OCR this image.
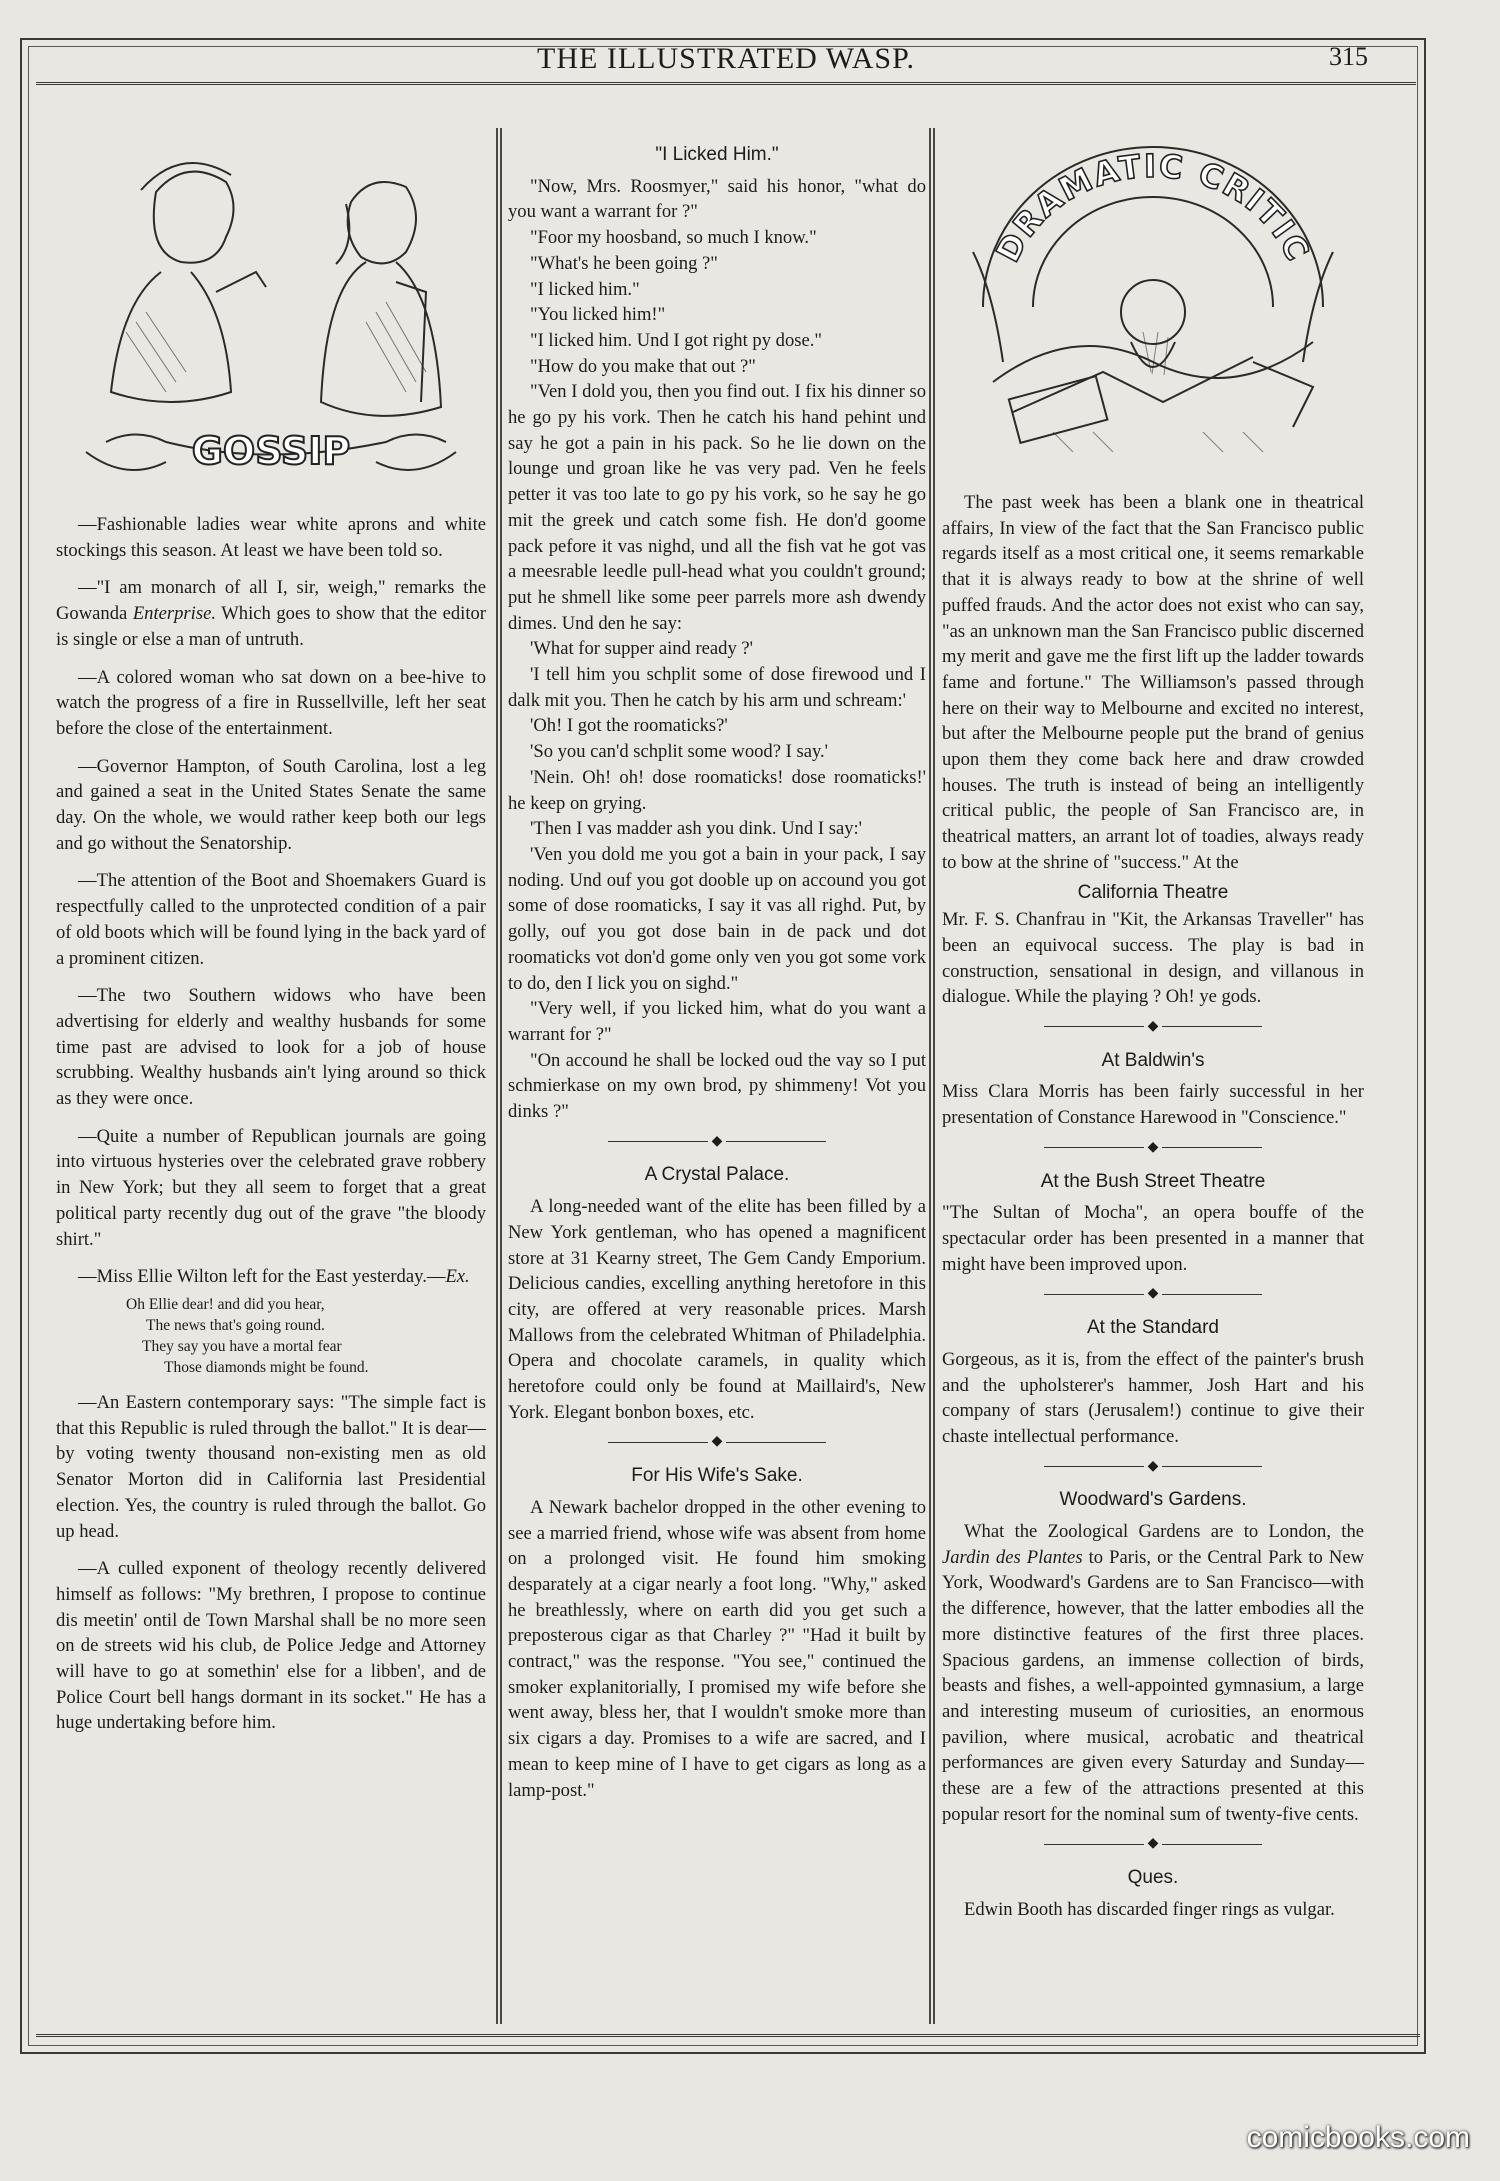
THE ILLUSTRATED WASP.	315
GOSSIP

—Fashionable ladies wear white aprons and white stockings this season. At least we have been told so.

—"I am monarch of all I, sir, weigh," remarks the Gowanda Enterprise. Which goes to show that the editor is single or else a man of untruth.

—A colored woman who sat down on a bee-hive to watch the progress of a fire in Russellville, left her seat before the close of the entertainment.

—Governor Hampton, of South Carolina, lost a leg and gained a seat in the United States Senate the same day. On the whole, we would rather keep both our legs and go without the Senatorship.

—The attention of the Boot and Shoemakers Guard is respectfully called to the unprotected condition of a pair of old boots which will be found lying in the back yard of a prominent citizen.

—The two Southern widows who have been advertising for elderly and wealthy husbands for some time past are advised to look for a job of house scrubbing. Wealthy husbands ain't lying around so thick as they were once.

—Quite a number of Republican journals are going into virtuous hysteries over the celebrated grave robbery in New York; but they all seem to forget that a great political party recently dug out of the grave "the bloody shirt."

—Miss Ellie Wilton left for the East yesterday.—Ex.

Oh Ellie dear! and did you hear,
The news that's going round.
They say you have a mortal fear
Those diamonds might be found.

—An Eastern contemporary says: "The simple fact is that this Republic is ruled through the ballot." It is dear—by voting twenty thousand non-existing men as old Senator Morton did in California last Presidential election. Yes, the country is ruled through the ballot. Go up head.

—A culled exponent of theology recently delivered himself as follows: "My brethren, I propose to continue dis meetin' ontil de Town Marshal shall be no more seen on de streets wid his club, de Police Jedge and Attorney will have to go at somethin' else for a libben', and de Police Court bell hangs dormant in its socket." He has a huge undertaking before him.

"I Licked Him."

"Now, Mrs. Roosmyer," said his honor, "what do you want a warrant for ?"

"Foor my hoosband, so much I know."

"What's he been going ?"

"I licked him."

"You licked him!"

"I licked him. Und I got right py dose."

"How do you make that out ?"

"Ven I dold you, then you find out. I fix his dinner so he go py his vork. Then he catch his hand pehint und say he got a pain in his pack. So he lie down on the lounge und groan like he vas very pad. Ven he feels petter it vas too late to go py his vork, so he say he go mit the greek und catch some fish. He don'd goome pack pefore it vas nighd, und all the fish vat he got vas a meesrable leedle pull-head what you couldn't ground; put he shmell like some peer parrels more ash dwendy dimes. Und den he say:

'What for supper aind ready ?'

'I tell him you schplit some of dose firewood und I dalk mit you. Then he catch by his arm und schream:'

'Oh! I got the roomaticks?'

'So you can'd schplit some wood? I say.'

'Nein. Oh! oh! dose roomaticks! dose roomaticks!' he keep on grying.

'Then I vas madder ash you dink. Und I say:'

'Ven you dold me you got a bain in your pack, I say noding. Und ouf you got dooble up on accound you got some of dose roomaticks, I say it vas all righd. Put, by golly, ouf you got dose bain in de pack und dot roomaticks vot don'd gome only ven you got some vork to do, den I lick you on sighd."

"Very well, if you licked him, what do you want a warrant for ?"

"On accound he shall be locked oud the vay so I put schmierkase on my own brod, py shimmeny! Vot you dinks ?"

◆
A Crystal Palace.

A long-needed want of the elite has been filled by a New York gentleman, who has opened a magnificent store at 31 Kearny street, The Gem Candy Emporium. Delicious candies, excelling anything heretofore in this city, are offered at very reasonable prices. Marsh Mallows from the celebrated Whitman of Philadelphia. Opera and chocolate caramels, in quality which heretofore could only be found at Maillaird's, New York. Elegant bonbon boxes, etc.

◆
For His Wife's Sake.

A Newark bachelor dropped in the other evening to see a married friend, whose wife was absent from home on a prolonged visit. He found him smoking desparately at a cigar nearly a foot long. "Why," asked he breathlessly, where on earth did you get such a preposterous cigar as that Charley ?" "Had it built by contract," was the response. "You see," continued the smoker explanitorially, I promised my wife before she went away, bless her, that I wouldn't smoke more than six cigars a day. Promises to a wife are sacred, and I mean to keep mine of I have to get cigars as long as a lamp-post."

DRAMATIC CRITIC

The past week has been a blank one in theatrical affairs, In view of the fact that the San Francisco public regards itself as a most critical one, it seems remarkable that it is always ready to bow at the shrine of well puffed frauds. And the actor does not exist who can say, "as an unknown man the San Francisco public discerned my merit and gave me the first lift up the ladder towards fame and fortune." The Williamson's passed through here on their way to Melbourne and excited no interest, but after the Melbourne people put the brand of genius upon them they come back here and draw crowded houses. The truth is instead of being an intelligently critical public, the people of San Francisco are, in theatrical matters, an arrant lot of toadies, always ready to bow at the shrine of "success." At the

California Theatre

Mr. F. S. Chanfrau in "Kit, the Arkansas Traveller" has been an equivocal success. The play is bad in construction, sensational in design, and villanous in dialogue. While the playing ? Oh! ye gods.

◆
At Baldwin's

Miss Clara Morris has been fairly successful in her presentation of Constance Harewood in "Conscience."

◆
At the Bush Street Theatre

"The Sultan of Mocha", an opera bouffe of the spectacular order has been presented in a manner that might have been improved upon.

◆
At the Standard

Gorgeous, as it is, from the effect of the painter's brush and the upholsterer's hammer, Josh Hart and his company of stars (Jerusalem!) continue to give their chaste intellectual performance.

◆
Woodward's Gardens.

What the Zoological Gardens are to London, the Jardin des Plantes to Paris, or the Central Park to New York, Woodward's Gardens are to San Francisco—with the difference, however, that the latter embodies all the more distinctive features of the first three places. Spacious gardens, an immense collection of birds, beasts and fishes, a well-appointed gymnasium, a large and interesting museum of curiosities, an enormous pavilion, where musical, acrobatic and theatrical performances are given every Saturday and Sunday—these are a few of the attractions presented at this popular resort for the nominal sum of twenty-five cents.

◆
Ques.

Edwin Booth has discarded finger rings as vulgar.

comicbooks.com
